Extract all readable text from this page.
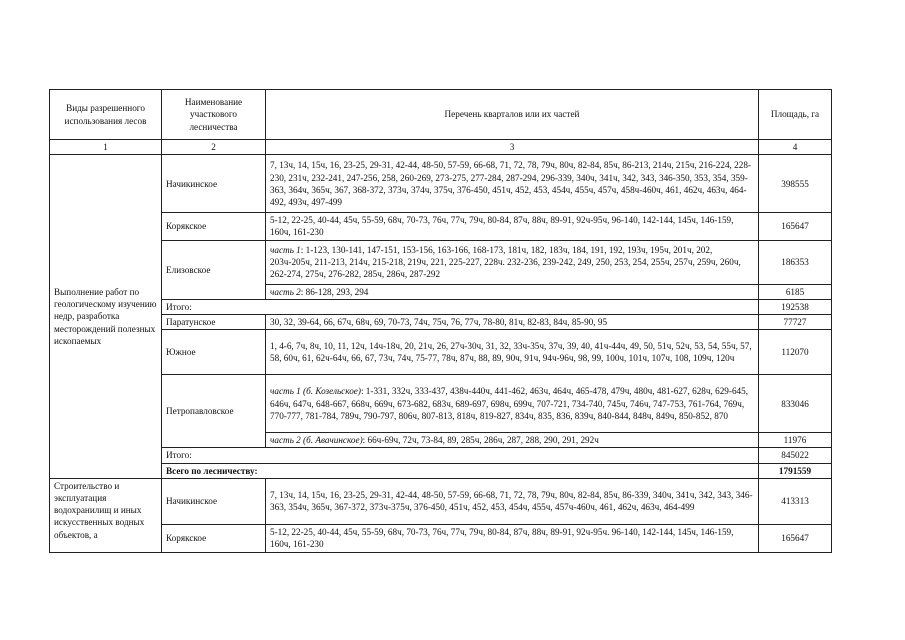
Виды разрешенного использования лесов	Наименование участкового лесничества	Перечень кварталов или их частей	Площадь, га
1	2	3	4
Выполнение работ по геологическому изучению недр, разработка месторождений полезных ископаемых	Начикинское	7, 13ч, 14, 15ч, 16, 23-25, 29-31, 42-44, 48-50, 57-59, 66-68, 71, 72, 78, 79ч, 80ч, 82-84, 85ч, 86-213, 214ч, 215ч, 216-224, 228-230, 231ч, 232-241, 247-256, 258, 260-269, 273-275, 277-284, 287-294, 296-339, 340ч, 341ч, 342, 343, 346-350, 353, 354, 359-363, 364ч, 365ч, 367, 368-372, 373ч, 374ч, 375ч, 376-450, 451ч, 452, 453, 454ч, 455ч, 457ч, 458ч-460ч, 461, 462ч, 463ч, 464-492, 493ч, 497-499	398555
	Корякское	5-12, 22-25, 40-44, 45ч, 55-59, 68ч, 70-73, 76ч, 77ч, 79ч, 80-84, 87ч, 88ч, 89-91, 92ч-95ч, 96-140, 142-144, 145ч, 146-159, 160ч, 161-230	165647
	Елизовское	часть 1: 1-123, 130-141, 147-151, 153-156, 163-166, 168-173, 181ч, 182, 183ч, 184, 191, 192, 193ч, 195ч, 201ч, 202, 203ч-205ч, 211-213, 214ч, 215-218, 219ч, 221, 225-227, 228ч. 232-236, 239-242, 249, 250, 253, 254, 255ч, 257ч, 259ч, 260ч, 262-274, 275ч, 276-282, 285ч, 286ч, 287-292	186353
		часть 2: 86-128, 293, 294	6185
	Итого:		192538
	Паратунское	30, 32, 39-64, 66, 67ч, 68ч, 69, 70-73, 74ч, 75ч, 76, 77ч, 78-80, 81ч, 82-83, 84ч, 85-90, 95	77727
	Южное	1, 4-6, 7ч, 8ч, 10, 11, 12ч, 14ч-18ч, 20, 21ч, 26, 27ч-30ч, 31, 32, 33ч-35ч, 37ч, 39, 40, 41ч-44ч, 49, 50, 51ч, 52ч, 53, 54, 55ч, 57, 58, 60ч, 61, 62ч-64ч, 66, 67, 73ч, 74ч, 75-77, 78ч, 87ч, 88, 89, 90ч, 91ч, 94ч-96ч, 98, 99, 100ч, 101ч, 107ч, 108, 109ч, 120ч	112070
	Петропавловское	часть 1 (б. Козельское): 1-331, 332ч, 333-437, 438ч-440ч, 441-462, 463ч, 464ч, 465-478, 479ч, 480ч, 481-627, 628ч, 629-645, 646ч, 647ч, 648-667, 668ч, 669ч, 673-682, 683ч, 689-697, 698ч, 699ч, 707-721, 734-740, 745ч, 746ч, 747-753, 761-764, 769ч, 770-777, 781-784, 789ч, 790-797, 806ч, 807-813, 818ч, 819-827, 834ч, 835, 836, 839ч, 840-844, 848ч, 849ч, 850-852, 870	833046
		часть 2 (б. Авачинское): 66ч-69ч, 72ч, 73-84, 89, 285ч, 286ч, 287, 288, 290, 291, 292ч	11976
	Итого:		845022
	Всего по лесничеству:		1791559
Строительство и эксплуатация водохранилищ и иных искусственных водных объектов, а	Начикинское	7, 13ч, 14, 15ч, 16, 23-25, 29-31, 42-44, 48-50, 57-59, 66-68, 71, 72, 78, 79ч, 80ч, 82-84, 85ч, 86-339, 340ч, 341ч, 342, 343, 346-363, 354ч, 365ч, 367-372, 373ч-375ч, 376-450, 451ч, 452, 453, 454ч, 455ч, 457ч-460ч, 461, 462ч, 463ч, 464-499	413313
	Корякское	5-12, 22-25, 40-44, 45ч, 55-59, 68ч, 70-73, 76ч, 77ч, 79ч, 80-84, 87ч, 88ч, 89-91, 92ч-95ч. 96-140, 142-144, 145ч, 146-159, 160ч, 161-230	165647
